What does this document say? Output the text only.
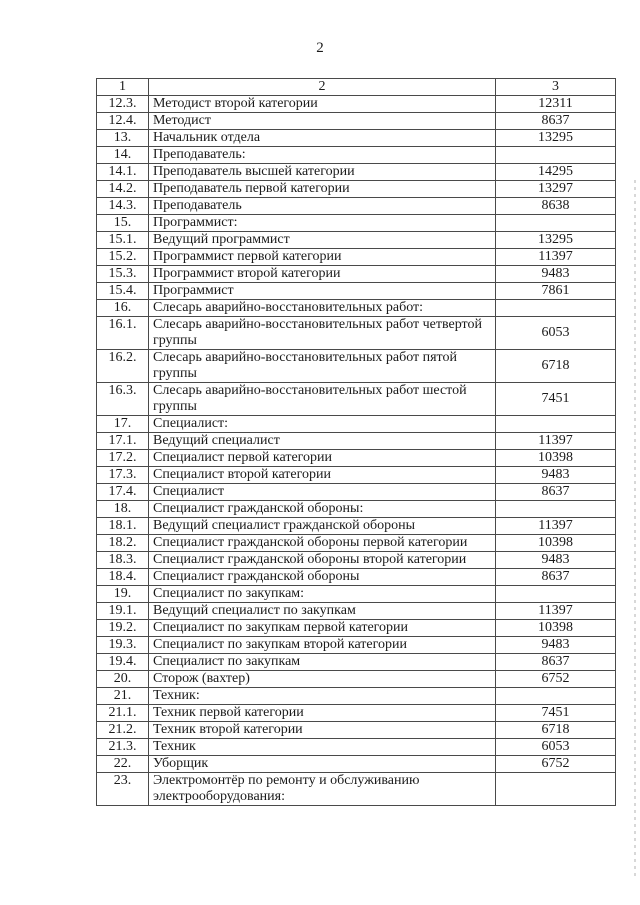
2
1	2	3
12.3.	Методист второй категории	12311
12.4.	Методист	8637
13.	Начальник отдела	13295
14.	Преподаватель:	
14.1.	Преподаватель высшей категории	14295
14.2.	Преподаватель первой категории	13297
14.3.	Преподаватель	8638
15.	Программист:	
15.1.	Ведущий программист	13295
15.2.	Программист первой категории	11397
15.3.	Программист второй категории	9483
15.4.	Программист	7861
16.	Слесарь аварийно-восстановительных работ:	
16.1.	Слесарь аварийно-восстановительных работ четвертой группы	6053
16.2.	Слесарь аварийно-восстановительных работ пятой группы	6718
16.3.	Слесарь аварийно-восстановительных работ шестой группы	7451
17.	Специалист:	
17.1.	Ведущий специалист	11397
17.2.	Специалист первой категории	10398
17.3.	Специалист второй категории	9483
17.4.	Специалист	8637
18.	Специалист гражданской обороны:	
18.1.	Ведущий специалист гражданской обороны	11397
18.2.	Специалист гражданской обороны первой категории	10398
18.3.	Специалист гражданской обороны второй категории	9483
18.4.	Специалист гражданской обороны	8637
19.	Специалист по закупкам:	
19.1.	Ведущий специалист по закупкам	11397
19.2.	Специалист по закупкам первой категории	10398
19.3.	Специалист по закупкам второй категории	9483
19.4.	Специалист по закупкам	8637
20.	Сторож (вахтер)	6752
21.	Техник:	
21.1.	Техник первой категории	7451
21.2.	Техник второй категории	6718
21.3.	Техник	6053
22.	Уборщик	6752
23.	Электромонтёр по ремонту и обслуживанию электрооборудования:	
